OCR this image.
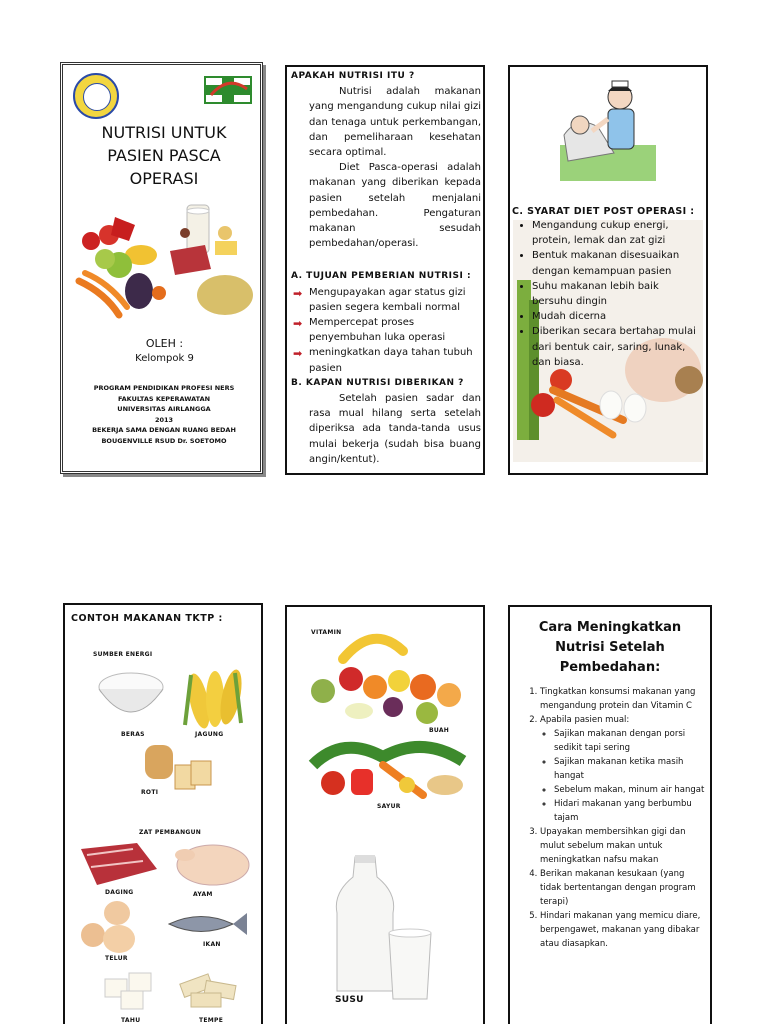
NUTRISI UNTUK
PASIEN PASCA
OPERASI
OLEH :
Kelompok 9
PROGRAM PENDIDIKAN PROFESI NERS
FAKULTAS KEPERAWATAN
UNIVERSITAS AIRLANGGA
2013
BEKERJA SAMA DENGAN RUANG BEDAH
BOUGENVILLE RSUD Dr. SOETOMO
APAKAH NUTRISI ITU ?

Nutrisi adalah makanan yang mengandung cukup nilai gizi dan tenaga untuk perkembangan, dan pemeliharaan kesehatan secara optimal.

Diet Pasca-operasi adalah makanan yang diberikan kepada pasien setelah menjalani pembedahan. Pengaturan makanan sesudah pembedahan/operasi.

A. TUJUAN PEMBERIAN NUTRISI :
➡ Mengupayakan agar status gizi pasien segera kembali normal
➡ Mempercepat proses penyembuhan luka operasi
➡ meningkatkan daya tahan tubuh pasien
B. KAPAN NUTRISI DIBERIKAN ?

Setelah pasien sadar dan rasa mual hilang serta setelah diperiksa ada tanda-tanda usus mulai bekerja (sudah bisa buang angin/kentut).

C. SYARAT DIET POST OPERASI :
• Mengandung cukup energi, protein, lemak dan zat gizi
• Bentuk makanan disesuaikan dengan kemampuan pasien
• Suhu makanan lebih baik bersuhu dingin
• Mudah dicerna
• Diberikan secara bertahap mulai dari bentuk cair, saring, lunak, dan biasa.
CONTOH MAKANAN TKTP :
SUMBER ENERGI
BERAS	JAGUNG
ROTI
ZAT PEMBANGUN
DAGING	AYAM
TELUR
IKAN
TAHU	TEMPE
VITAMIN
BUAH
SAYUR
SUSU
Cara Meningkatkan
Nutrisi Setelah
Pembedahan:
1. Tingkatkan konsumsi makanan yang mengandung protein dan Vitamin C
2. Apabila pasien mual:
◦ Sajikan makanan dengan porsi sedikit tapi sering
◦ Sajikan makanan ketika masih hangat
◦ Sebelum makan, minum air hangat
◦ Hidari makanan yang berbumbu tajam
3. Upayakan membersihkan gigi dan mulut sebelum makan untuk meningkatkan nafsu makan
4. Berikan makanan kesukaan (yang tidak bertentangan dengan program terapi)
5. Hindari makanan yang memicu diare, berpengawet, makanan yang dibakar atau diasapkan.
